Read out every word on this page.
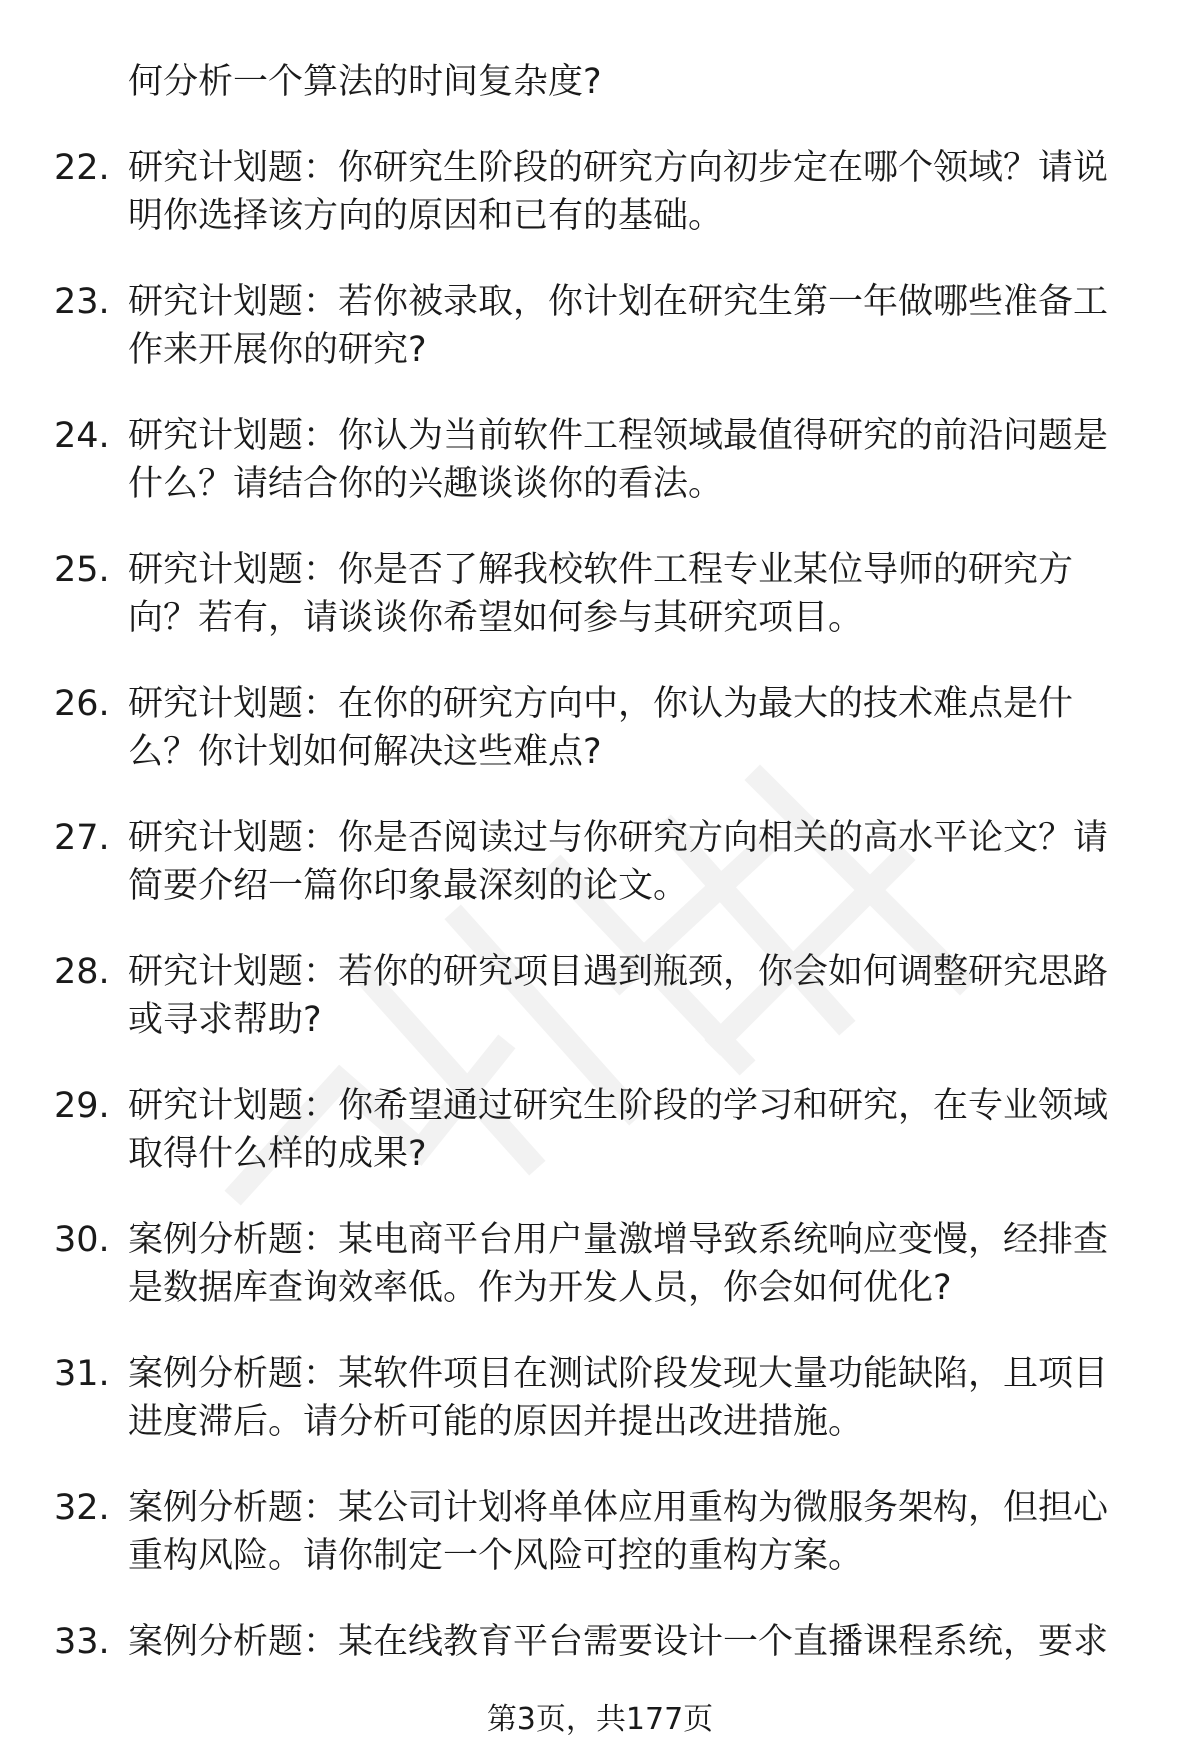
何分析一个算法的时间复杂度?
22. 研究计划题：你研究生阶段的研究方向初步定在哪个领域？请说明你选择该方向的原因和已有的基础。
23. 研究计划题：若你被录取，你计划在研究生第一年做哪些准备工作来开展你的研究?
24. 研究计划题：你认为当前软件工程领域最值得研究的前沿问题是什么？请结合你的兴趣谈谈你的看法。
25. 研究计划题：你是否了解我校软件工程专业某位导师的研究方向？若有，请谈谈你希望如何参与其研究项目。
26. 研究计划题：在你的研究方向中，你认为最大的技术难点是什么？你计划如何解决这些难点?
27. 研究计划题：你是否阅读过与你研究方向相关的高水平论文？请简要介绍一篇你印象最深刻的论文。
28. 研究计划题：若你的研究项目遇到瓶颈，你会如何调整研究思路或寻求帮助?
29. 研究计划题：你希望通过研究生阶段的学习和研究，在专业领域取得什么样的成果?
30. 案例分析题：某电商平台用户量激增导致系统响应变慢，经排查是数据库查询效率低。作为开发人员，你会如何优化?
31. 案例分析题：某软件项目在测试阶段发现大量功能缺陷，且项目进度滞后。请分析可能的原因并提出改进措施。
32. 案例分析题：某公司计划将单体应用重构为微服务架构，但担心重构风险。请你制定一个风险可控的重构方案。
33. 案例分析题：某在线教育平台需要设计一个直播课程系统，要求
第3页，共177页
